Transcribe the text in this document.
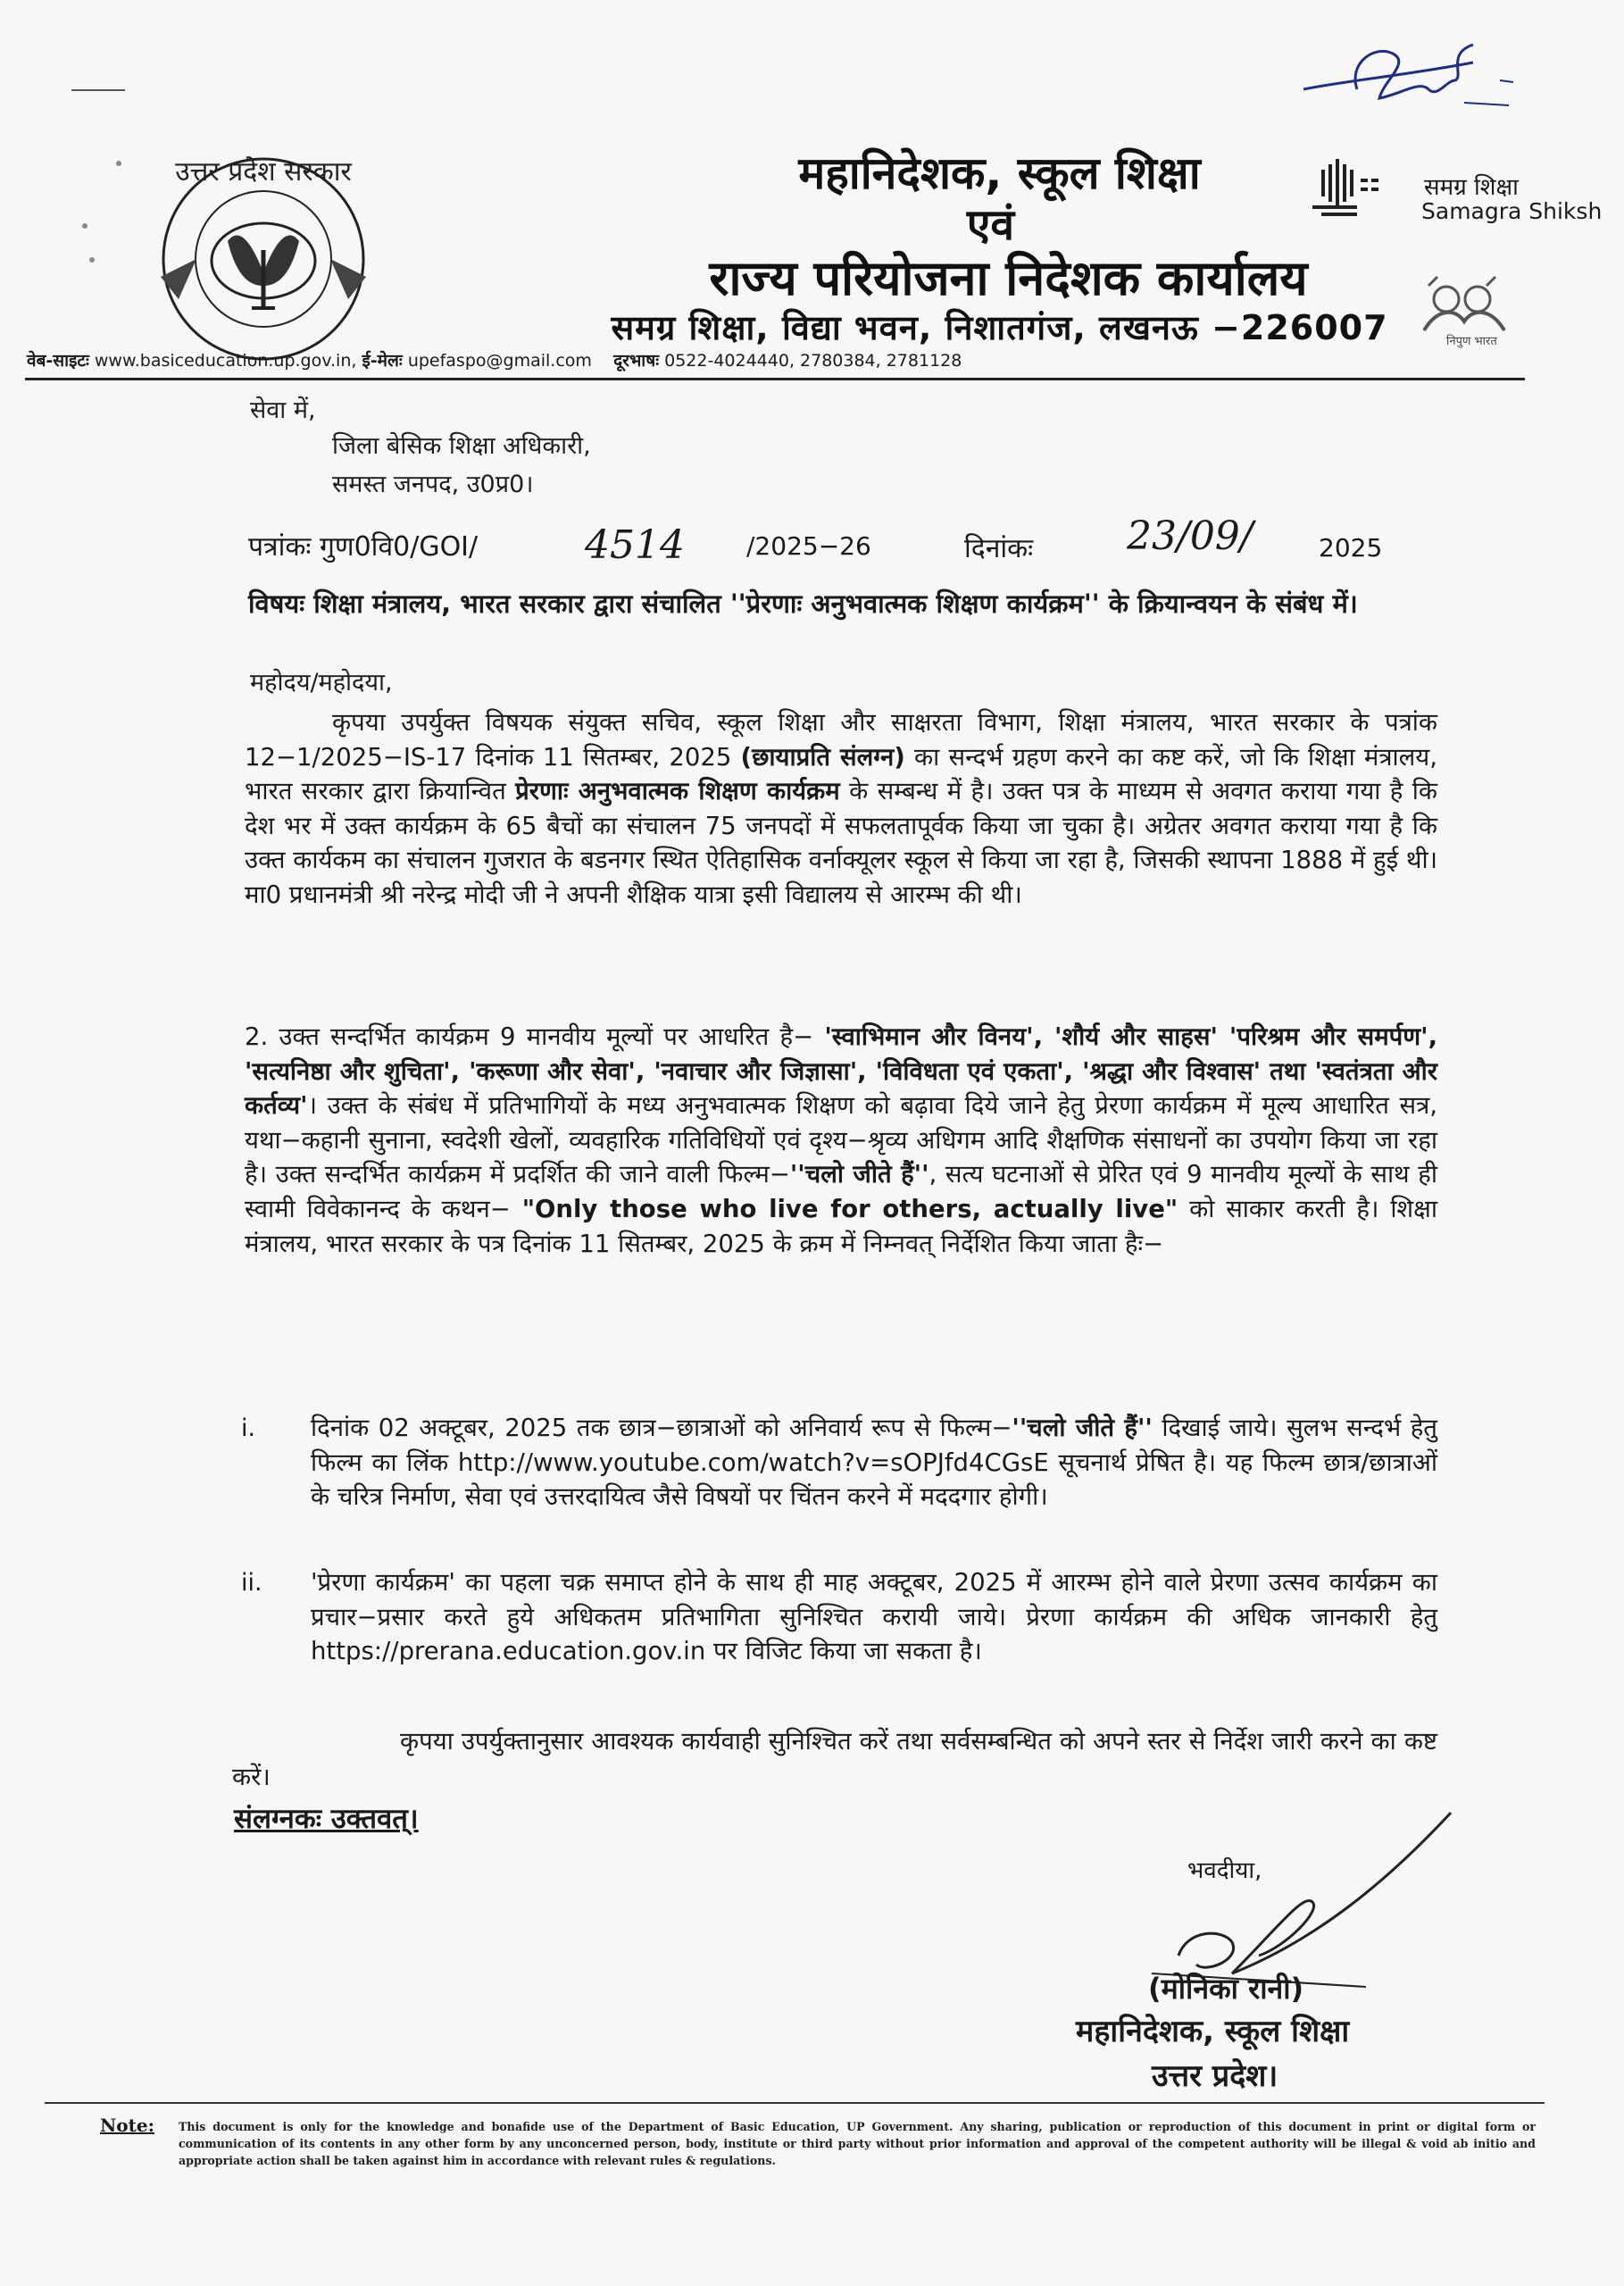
उत्तर प्रदेश सरकार	महानिदेशक, स्कूल शिक्षा
एवं
राज्य परियोजना निदेशक कार्यालय
समग्र शिक्षा, विद्या भवन, निशातगंज, लखनऊ −226007
समग्र शिक्षा
Samagra Shiksh
निपुण भारत
वेब-साइटः www.basiceducation.up.gov.in, ई-मेलः upefaspo@gmail.com दूरभाषः 0522-4024440, 2780384, 2781128
सेवा में,
जिला बेसिक शिक्षा अधिकारी,
समस्त जनपद, उ0प्र0।
पत्रांकः गुण0वि0/GOI/	4514 /2025−26	दिनांकः 23/09/	2025
विषयः शिक्षा मंत्रालय, भारत सरकार द्वारा संचालित ''प्रेरणाः अनुभवात्मक शिक्षण कार्यक्रम'' के क्रियान्वयन के संबंध में।
महोदय/महोदया,
कृपया उपर्युक्त विषयक संयुक्त सचिव, स्कूल शिक्षा और साक्षरता विभाग, शिक्षा मंत्रालय, भारत सरकार के पत्रांक 12−1/2025−IS-17 दिनांक 11 सितम्बर, 2025 (छायाप्रति संलग्न) का सन्दर्भ ग्रहण करने का कष्ट करें, जो कि शिक्षा मंत्रालय, भारत सरकार द्वारा क्रियान्वित प्रेरणाः अनुभवात्मक शिक्षण कार्यक्रम के सम्बन्ध में है। उक्त पत्र के माध्यम से अवगत कराया गया है कि देश भर में उक्त कार्यक्रम के 65 बैचों का संचालन 75 जनपदों में सफलतापूर्वक किया जा चुका है। अग्रेतर अवगत कराया गया है कि उक्त कार्यकम का संचालन गुजरात के बडनगर स्थित ऐतिहासिक वर्नाक्यूलर स्कूल से किया जा रहा है, जिसकी स्थापना 1888 में हुई थी। मा0 प्रधानमंत्री श्री नरेन्द्र मोदी जी ने अपनी शैक्षिक यात्रा इसी विद्यालय से आरम्भ की थी।
2. उक्त सन्दर्भित कार्यक्रम 9 मानवीय मूल्यों पर आधरित है− 'स्वाभिमान और विनय', 'शौर्य और साहस' 'परिश्रम और समर्पण', 'सत्यनिष्ठा और शुचिता', 'करूणा और सेवा', 'नवाचार और जिज्ञासा', 'विविधता एवं एकता', 'श्रद्धा और विश्वास' तथा 'स्वतंत्रता और कर्तव्य'। उक्त के संबंध में प्रतिभागियों के मध्य अनुभवात्मक शिक्षण को बढ़ावा दिये जाने हेतु प्रेरणा कार्यक्रम में मूल्य आधारित सत्र, यथा−कहानी सुनाना, स्वदेशी खेलों, व्यवहारिक गतिविधियों एवं दृश्य−श्रृव्य अधिगम आदि शैक्षणिक संसाधनों का उपयोग किया जा रहा है। उक्त सन्दर्भित कार्यक्रम में प्रदर्शित की जाने वाली फिल्म−''चलो जीते हैं'', सत्य घटनाओं से प्रेरित एवं 9 मानवीय मूल्यों के साथ ही स्वामी विवेकानन्द के कथन− "Only those who live for others, actually live" को साकार करती है। शिक्षा मंत्रालय, भारत सरकार के पत्र दिनांक 11 सितम्बर, 2025 के क्रम में निम्नवत् निर्देशित किया जाता हैः−
i. दिनांक 02 अक्टूबर, 2025 तक छात्र−छात्राओं को अनिवार्य रूप से फिल्म−''चलो जीते हैं'' दिखाई जाये। सुलभ सन्दर्भ हेतु फिल्म का लिंक http://www.youtube.com/watch?v=sOPJfd4CGsE सूचनार्थ प्रेषित है। यह फिल्म छात्र/छात्राओं के चरित्र निर्माण, सेवा एवं उत्तरदायित्व जैसे विषयों पर चिंतन करने में मददगार होगी।
ii. 'प्रेरणा कार्यक्रम' का पहला चक्र समाप्त होने के साथ ही माह अक्टूबर, 2025 में आरम्भ होने वाले प्रेरणा उत्सव कार्यक्रम का प्रचार−प्रसार करते हुये अधिकतम प्रतिभागिता सुनिश्चित करायी जाये। प्रेरणा कार्यक्रम की अधिक जानकारी हेतु https://prerana.education.gov.in पर विजिट किया जा सकता है।
कृपया उपर्युक्तानुसार आवश्यक कार्यवाही सुनिश्चित करें तथा सर्वसम्बन्धित को अपने स्तर से निर्देश जारी करने का कष्ट करें।
संलग्नकः उक्तवत्।
भवदीया,
(मोनिका रानी)
महानिदेशक, स्कूल शिक्षा
उत्तर प्रदेश।
Note: This document is only for the knowledge and bonafide use of the Department of Basic Education, UP Government. Any sharing, publication or reproduction of this document in print or digital form or communication of its contents in any other form by any unconcerned person, body, institute or third party without prior information and approval of the competent authority will be illegal & void ab initio and appropriate action shall be taken against him in accordance with relevant rules & regulations.
